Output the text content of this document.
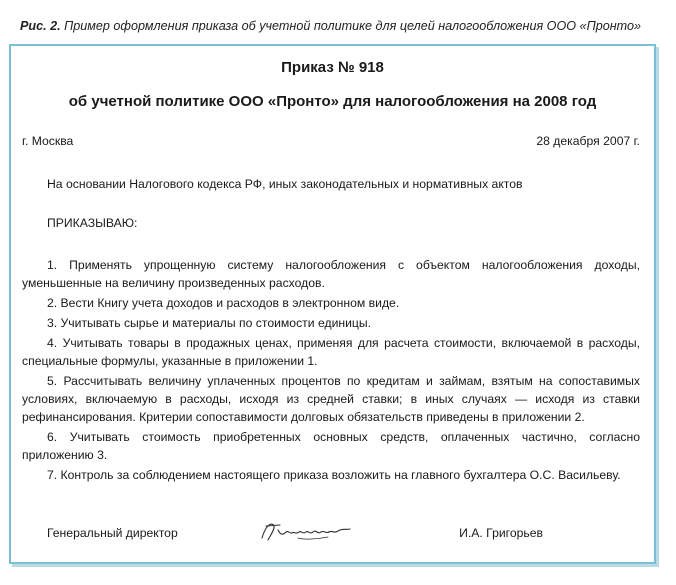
Рис. 2. Пример оформления приказа об учетной политике для целей налогообложения ООО «Пронто»
Приказ № 918
об учетной политике ООО «Пронто» для налогообложения на 2008 год
г. Москва	28 декабря 2007 г.
На основании Налогового кодекса РФ, иных законодательных и нормативных актов
ПРИКАЗЫВАЮ:

1. Применять упрощенную систему налогообложения с объектом налогообложения доходы, уменьшенные на величину произведенных расходов.

2. Вести Книгу учета доходов и расходов в электронном виде.

3. Учитывать сырье и материалы по стоимости единицы.

4. Учитывать товары в продажных ценах, применяя для расчета стоимости, включаемой в расходы, специальные формулы, указанные в приложении 1.

5. Рассчитывать величину уплаченных процентов по кредитам и займам, взятым на сопоставимых условиях, включаемую в расходы, исходя из средней ставки; в иных случаях — исходя из ставки рефинансирования. Критерии сопоставимости долговых обязательств приведены в приложении 2.

6. Учитывать стоимость приобретенных основных средств, оплаченных частично, согласно приложению 3.

7. Контроль за соблюдением настоящего приказа возложить на главного бухгалтера О.С. Васильеву.

Генеральный директор	И.А. Григорьев
